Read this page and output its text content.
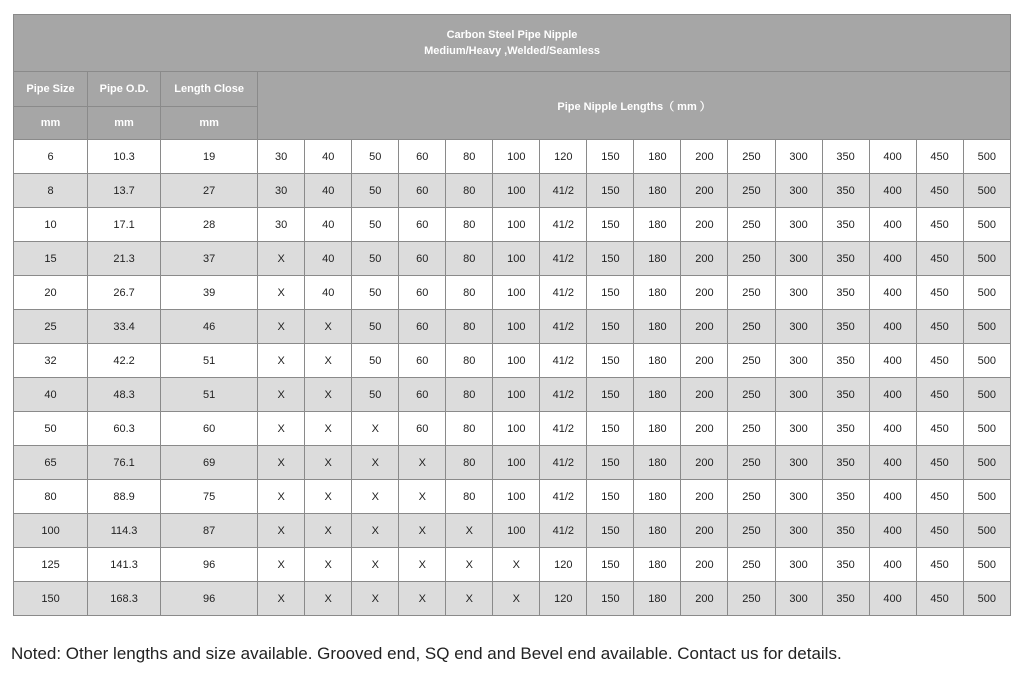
Carbon Steel Pipe Nipple
Medium/Heavy ,Welded/Seamless																		
Pipe Size	Pipe O.D.	Length Close	Pipe Nipple Lengths（ mm ）															
mm	mm	mm																
6	10.3	19	30	40	50	60	80	100	120	150	180	200	250	300	350	400	450	500
8	13.7	27	30	40	50	60	80	100	41/2	150	180	200	250	300	350	400	450	500
10	17.1	28	30	40	50	60	80	100	41/2	150	180	200	250	300	350	400	450	500
15	21.3	37	X	40	50	60	80	100	41/2	150	180	200	250	300	350	400	450	500
20	26.7	39	X	40	50	60	80	100	41/2	150	180	200	250	300	350	400	450	500
25	33.4	46	X	X	50	60	80	100	41/2	150	180	200	250	300	350	400	450	500
32	42.2	51	X	X	50	60	80	100	41/2	150	180	200	250	300	350	400	450	500
40	48.3	51	X	X	50	60	80	100	41/2	150	180	200	250	300	350	400	450	500
50	60.3	60	X	X	X	60	80	100	41/2	150	180	200	250	300	350	400	450	500
65	76.1	69	X	X	X	X	80	100	41/2	150	180	200	250	300	350	400	450	500
80	88.9	75	X	X	X	X	80	100	41/2	150	180	200	250	300	350	400	450	500
100	114.3	87	X	X	X	X	X	100	41/2	150	180	200	250	300	350	400	450	500
125	141.3	96	X	X	X	X	X	X	120	150	180	200	250	300	350	400	450	500
150	168.3	96	X	X	X	X	X	X	120	150	180	200	250	300	350	400	450	500
Noted: Other lengths and size available. Grooved end, SQ end and Bevel end available. Contact us for details.
